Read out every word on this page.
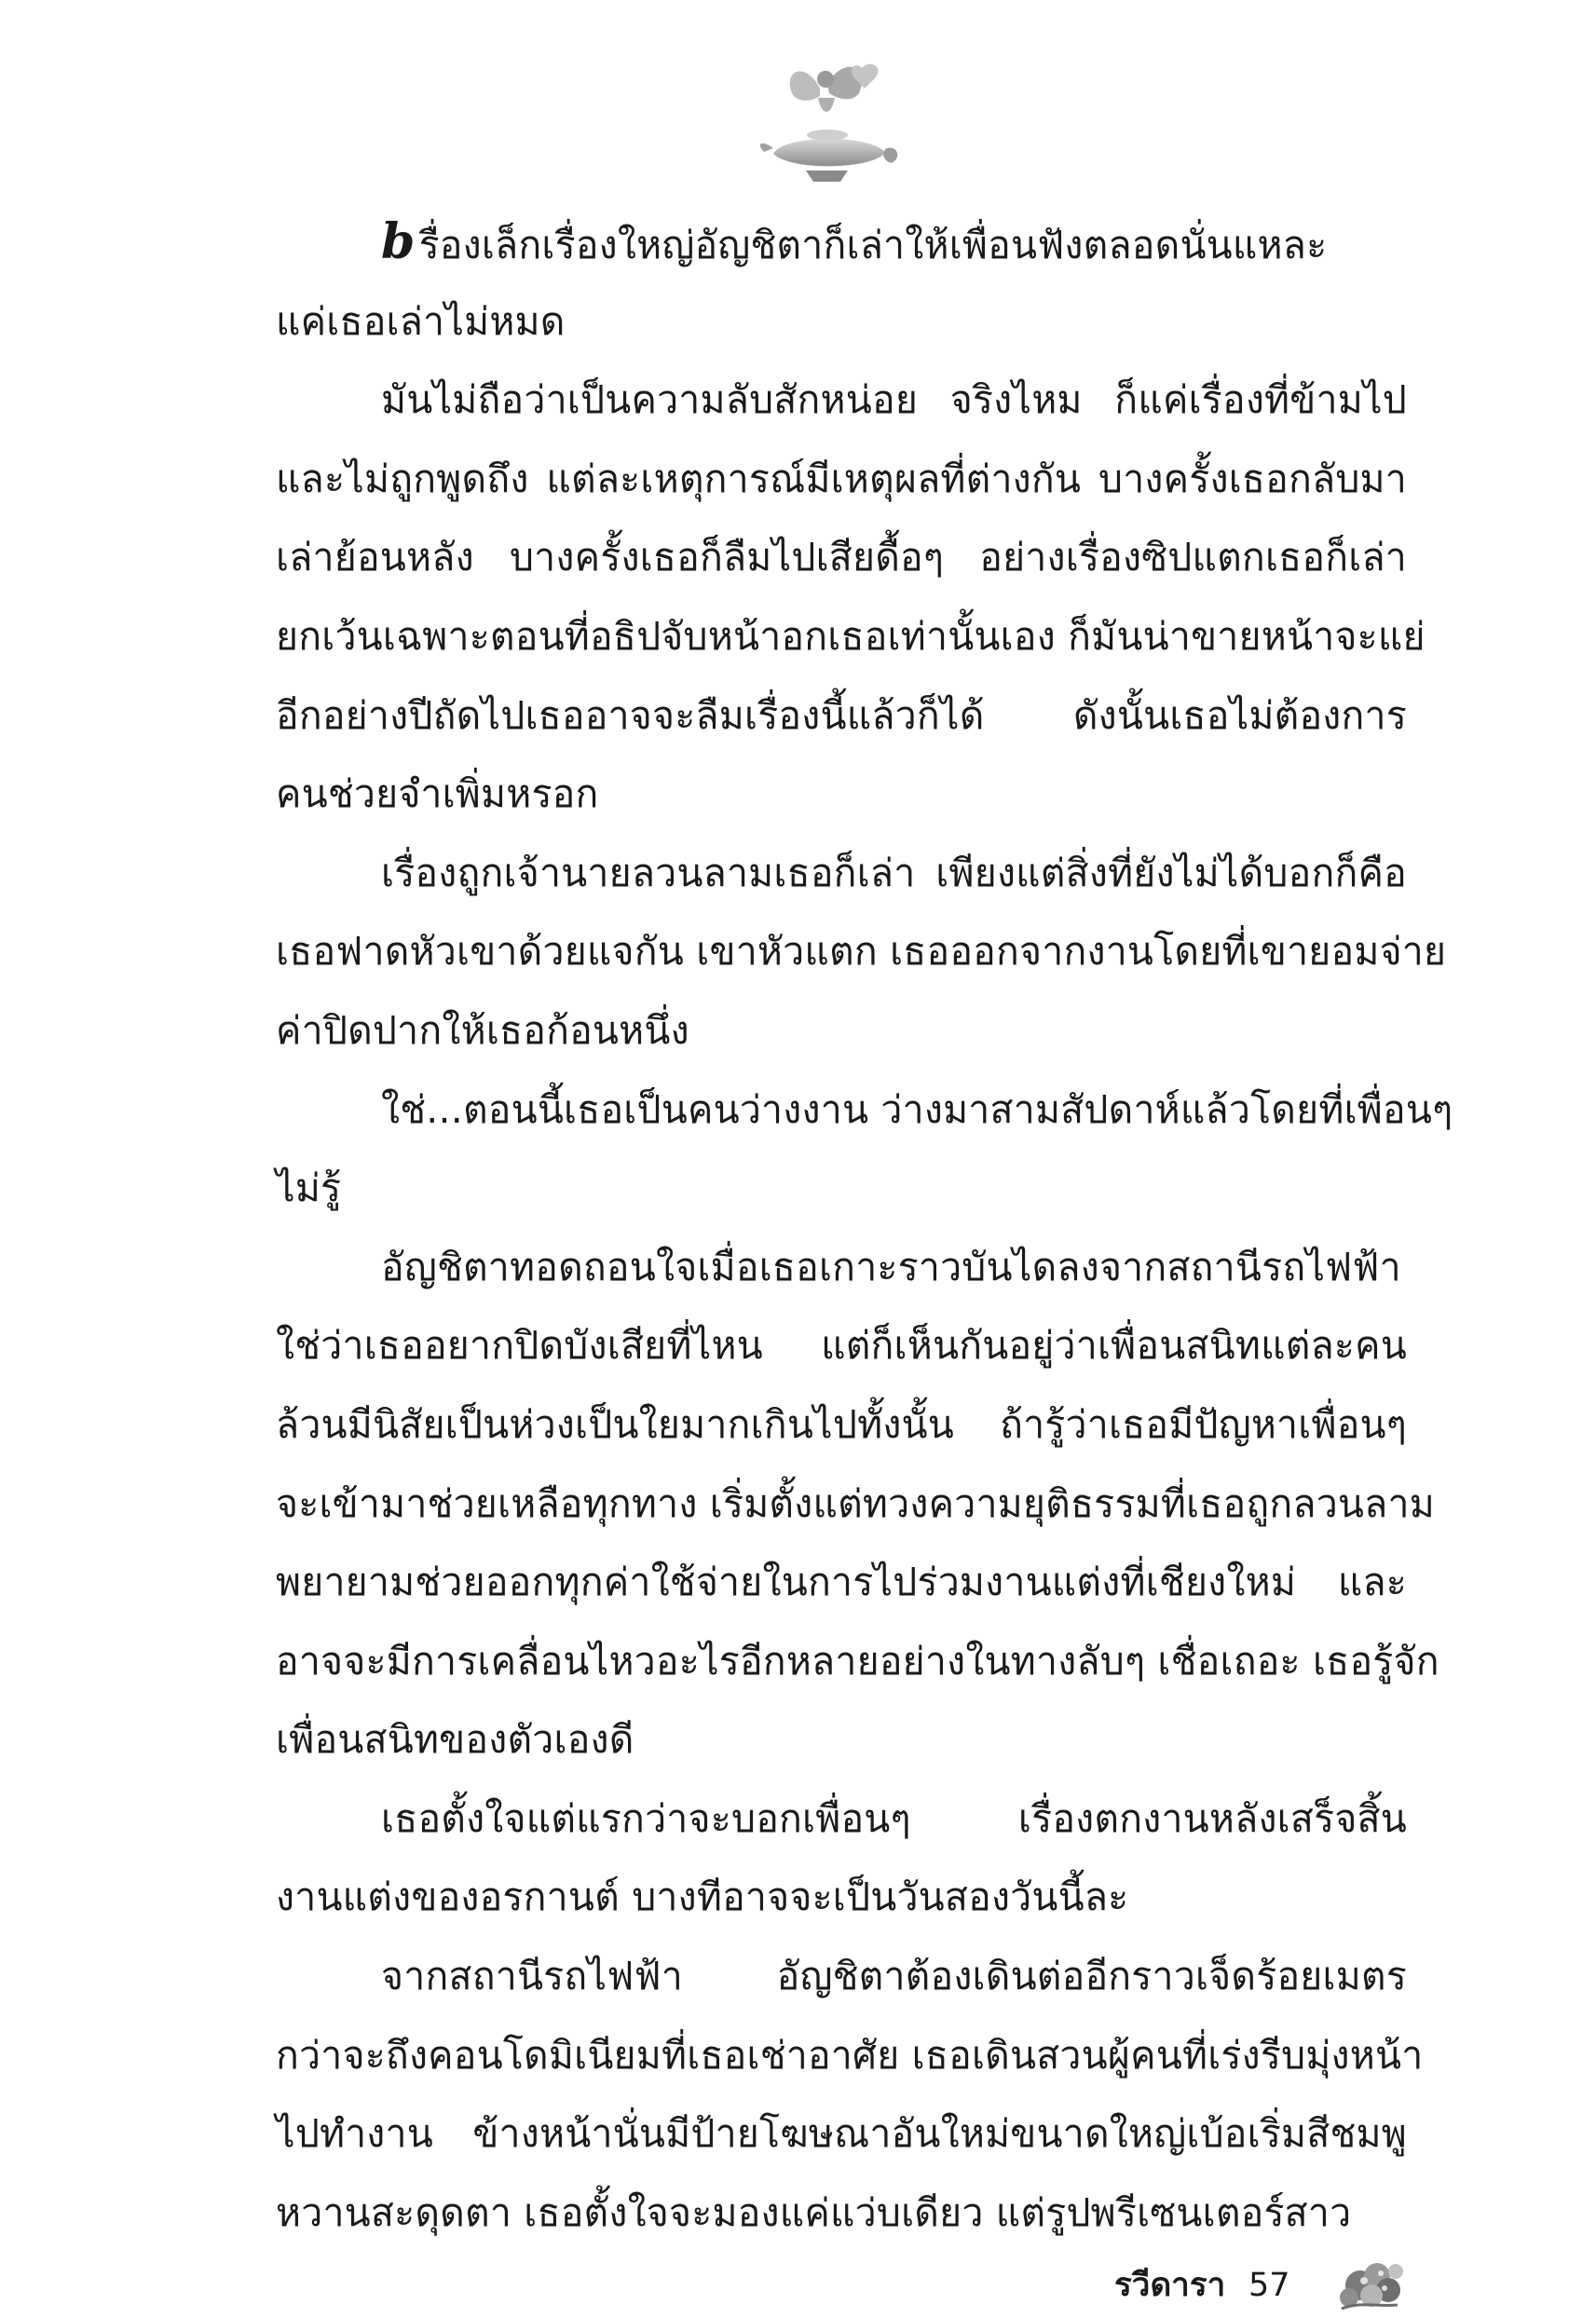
bรื่องเล็กเรื่องใหญ่อัญชิตาก็เล่าให้เพื่อนฟังตลอดนั่นแหละ
แค่เธอเล่าไม่หมด
มันไม่ถือว่าเป็นความลับสักหน่อย จริงไหม ก็แค่เรื่องที่ข้ามไป
และไม่ถูกพูดถึง แต่ละเหตุการณ์มีเหตุผลที่ต่างกัน บางครั้งเธอกลับมา
เล่าย้อนหลัง บางครั้งเธอก็ลืมไปเสียดื้อๆ อย่างเรื่องซิปแตกเธอก็เล่า
ยกเว้นเฉพาะตอนที่อธิปจับหน้าอกเธอเท่านั้นเอง ก็มันน่าขายหน้าจะแย่
อีกอย่างปีถัดไปเธออาจจะลืมเรื่องนี้แล้วก็ได้ ดังนั้นเธอไม่ต้องการ
คนช่วยจำเพิ่มหรอก
เรื่องถูกเจ้านายลวนลามเธอก็เล่า เพียงแต่สิ่งที่ยังไม่ได้บอกก็คือ
เธอฟาดหัวเขาด้วยแจกัน เขาหัวแตก เธอออกจากงานโดยที่เขายอมจ่าย
ค่าปิดปากให้เธอก้อนหนึ่ง
ใช่...ตอนนี้เธอเป็นคนว่างงาน ว่างมาสามสัปดาห์แล้วโดยที่เพื่อนๆ
ไม่รู้
อัญชิตาทอดถอนใจเมื่อเธอเกาะราวบันไดลงจากสถานีรถไฟฟ้า
ใช่ว่าเธออยากปิดบังเสียที่ไหน แต่ก็เห็นกันอยู่ว่าเพื่อนสนิทแต่ละคน
ล้วนมีนิสัยเป็นห่วงเป็นใยมากเกินไปทั้งนั้น ถ้ารู้ว่าเธอมีปัญหาเพื่อนๆ
จะเข้ามาช่วยเหลือทุกทาง เริ่มตั้งแต่ทวงความยุติธรรมที่เธอถูกลวนลาม
พยายามช่วยออกทุกค่าใช้จ่ายในการไปร่วมงานแต่งที่เชียงใหม่ และ
อาจจะมีการเคลื่อนไหวอะไรอีกหลายอย่างในทางลับๆ เชื่อเถอะ เธอรู้จัก
เพื่อนสนิทของตัวเองดี
เธอตั้งใจแต่แรกว่าจะบอกเพื่อนๆ เรื่องตกงานหลังเสร็จสิ้น
งานแต่งของอรกานต์ บางทีอาจจะเป็นวันสองวันนี้ละ
จากสถานีรถไฟฟ้า อัญชิตาต้องเดินต่ออีกราวเจ็ดร้อยเมตร
กว่าจะถึงคอนโดมิเนียมที่เธอเช่าอาศัย เธอเดินสวนผู้คนที่เร่งรีบมุ่งหน้า
ไปทำงาน ข้างหน้านั่นมีป้ายโฆษณาอันใหม่ขนาดใหญ่เบ้อเริ่มสีชมพู
หวานสะดุดตา เธอตั้งใจจะมองแค่แว่บเดียว แต่รูปพรีเซนเตอร์สาว
รวีดารา 57
